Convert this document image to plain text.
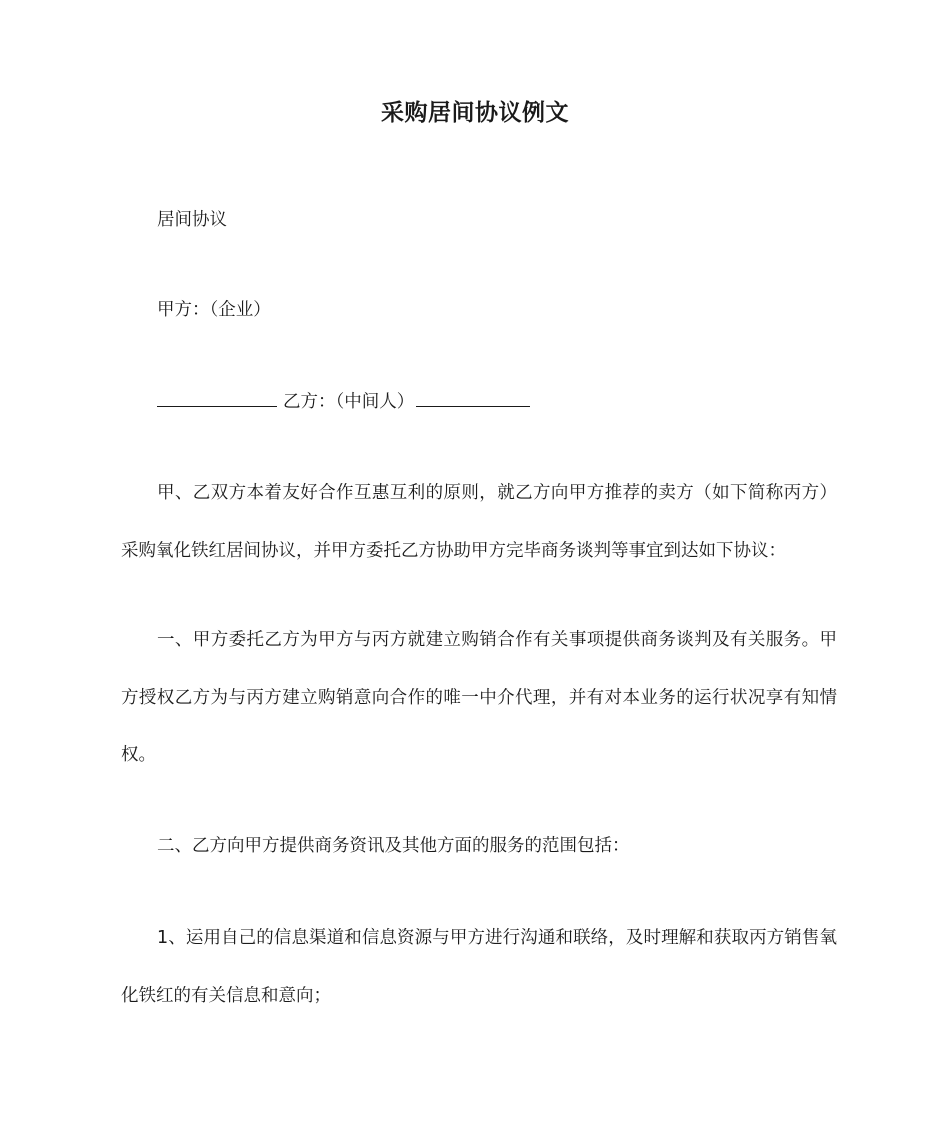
采购居间协议例文
居间协议
甲方：（企业）
乙方：（中间人）
甲、乙双方本着友好合作互惠互利的原则，就乙方向甲方推荐的卖方（如下简称丙方）采购氧化铁红居间协议，并甲方委托乙方协助甲方完毕商务谈判等事宜到达如下协议：
一、甲方委托乙方为甲方与丙方就建立购销合作有关事项提供商务谈判及有关服务。甲方授权乙方为与丙方建立购销意向合作的唯一中介代理，并有对本业务的运行状况享有知情权。
二、乙方向甲方提供商务资讯及其他方面的服务的范围包括：
1、运用自己的信息渠道和信息资源与甲方进行沟通和联络，及时理解和获取丙方销售氧化铁红的有关信息和意向；
